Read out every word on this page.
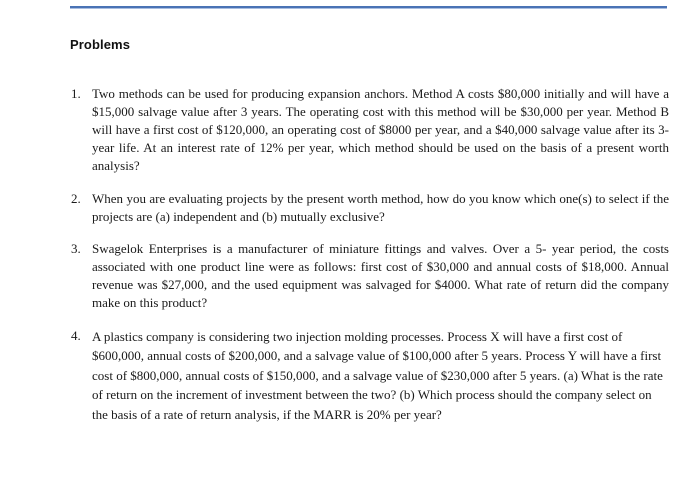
Problems
1. Two methods can be used for producing expansion anchors. Method A costs $80,000 initially and will have a $15,000 salvage value after 3 years. The operating cost with this method will be $30,000 per year. Method B will have a first cost of $120,000, an operating cost of $8000 per year, and a $40,000 salvage value after its 3-year life. At an interest rate of 12% per year, which method should be used on the basis of a present worth analysis?
2. When you are evaluating projects by the present worth method, how do you know which one(s) to select if the projects are (a) independent and (b) mutually exclusive?
3. Swagelok Enterprises is a manufacturer of miniature fittings and valves. Over a 5- year period, the costs associated with one product line were as follows: first cost of $30,000 and annual costs of $18,000. Annual revenue was $27,000, and the used equipment was salvaged for $4000. What rate of return did the company make on this product?
4. A plastics company is considering two injection molding processes. Process X will have a first cost of $600,000, annual costs of $200,000, and a salvage value of $100,000 after 5 years. Process Y will have a first cost of $800,000, annual costs of $150,000, and a salvage value of $230,000 after 5 years. (a) What is the rate of return on the increment of investment between the two? (b) Which process should the company select on the basis of a rate of return analysis, if the MARR is 20% per year?
